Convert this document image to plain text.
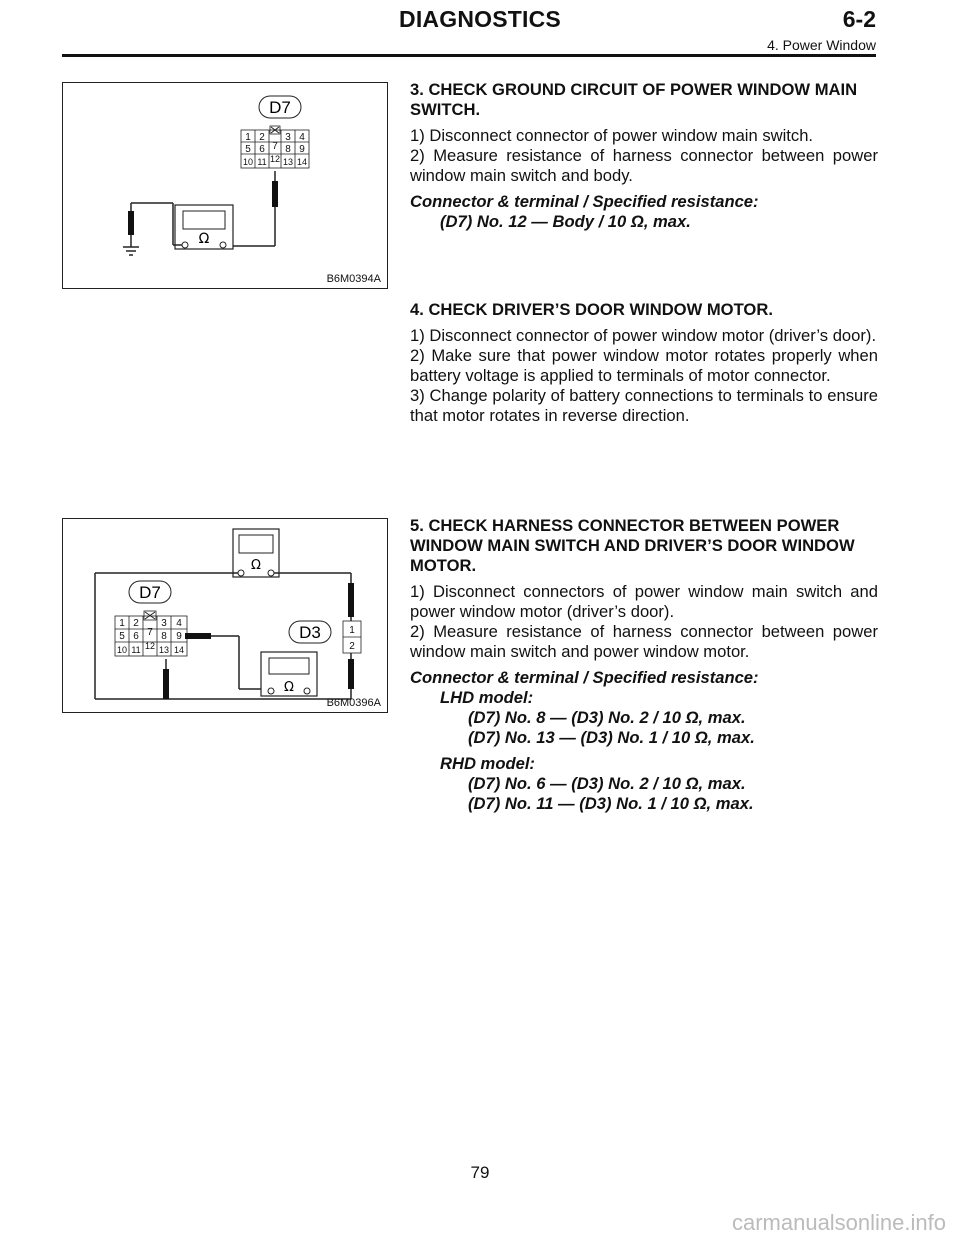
DIAGNOSTICS	6-2
4. Power Window
D7
1 2 3 4
5 6 7 8 9
10 11 12 13 14
Ω
B6M0394A
Ω
D7
1 2 3 4
5 6 7 8 9
10 11 12 13 14
Ω
D3	1
2
B6M0396A
3. CHECK GROUND CIRCUIT OF POWER WINDOW MAIN SWITCH.

1) Disconnect connector of power window main switch.

2) Measure resistance of harness connector between power window main switch and body.

Connector & terminal / Specified resistance:
(D7) No. 12 — Body / 10 Ω, max.
4. CHECK DRIVER’S DOOR WINDOW MOTOR.

1) Disconnect connector of power window motor (driver’s door).

2) Make sure that power window motor rotates properly when battery voltage is applied to terminals of motor connector.

3) Change polarity of battery connections to terminals to ensure that motor rotates in reverse direction.

5. CHECK HARNESS CONNECTOR BETWEEN POWER WINDOW MAIN SWITCH AND DRIVER’S DOOR WINDOW MOTOR.

1) Disconnect connectors of power window main switch and power window motor (driver’s door).

2) Measure resistance of harness connector between power window main switch and power window motor.

Connector & terminal / Specified resistance:
LHD model:
(D7) No. 8 — (D3) No. 2 / 10 Ω, max.
(D7) No. 13 — (D3) No. 1 / 10 Ω, max.
RHD model:
(D7) No. 6 — (D3) No. 2 / 10 Ω, max.
(D7) No. 11 — (D3) No. 1 / 10 Ω, max.
79
carmanualsonline.info
